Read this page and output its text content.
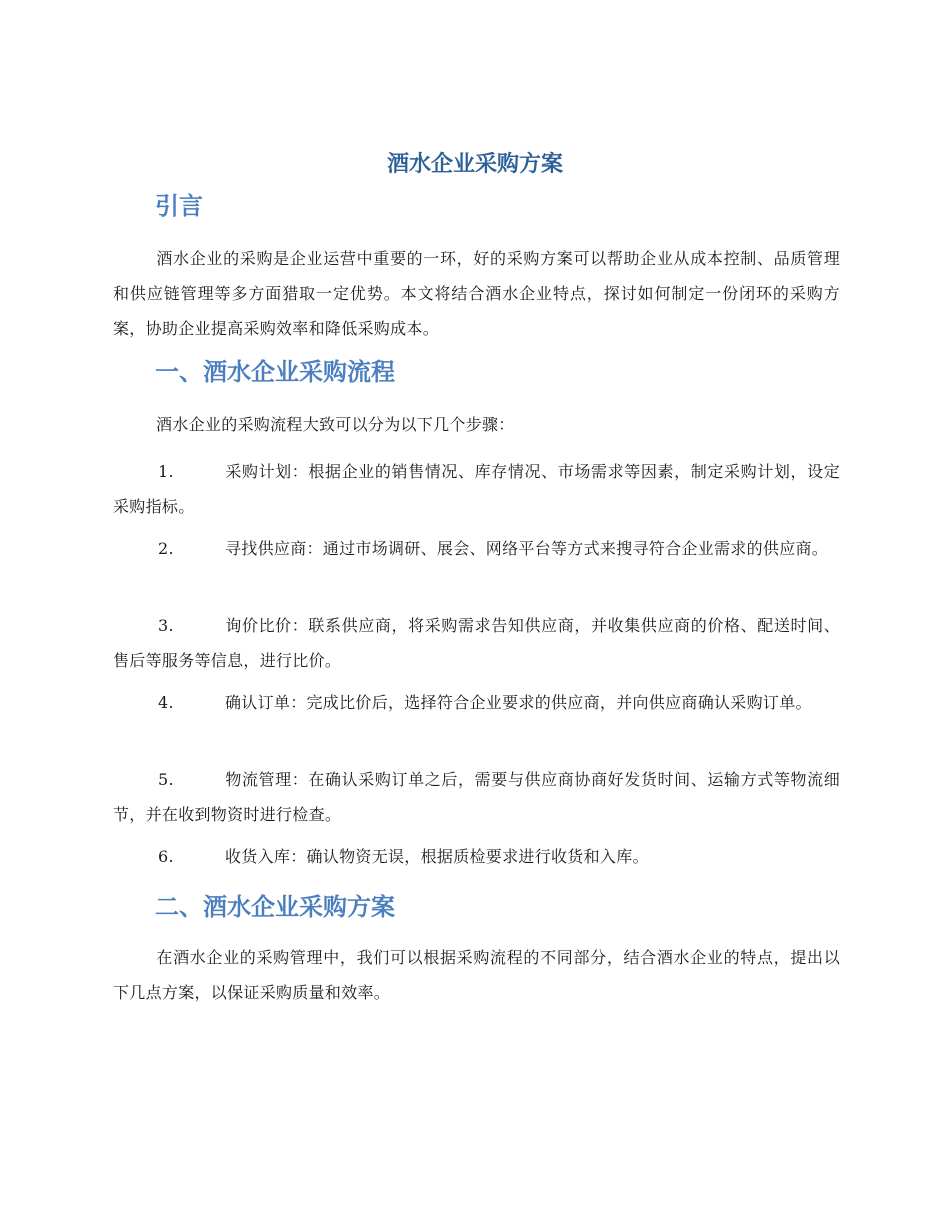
酒水企业采购方案
引言
酒水企业的采购是企业运营中重要的一环，好的采购方案可以帮助企业从成本控制、品质管理和供应链管理等多方面猎取一定优势。本文将结合酒水企业特点，探讨如何制定一份闭环的采购方案，协助企业提高采购效率和降低采购成本。
一、酒水企业采购流程
酒水企业的采购流程大致可以分为以下几个步骤：
1.	采购计划：根据企业的销售情况、库存情况、市场需求等因素，制定采购计划，设定采购指标。
2.	寻找供应商：通过市场调研、展会、网络平台等方式来搜寻符合企业需求的供应商。
3.	询价比价：联系供应商，将采购需求告知供应商，并收集供应商的价格、配送时间、售后等服务等信息，进行比价。
4.	确认订单：完成比价后，选择符合企业要求的供应商，并向供应商确认采购订单。
5.	物流管理：在确认采购订单之后，需要与供应商协商好发货时间、运输方式等物流细节，并在收到物资时进行检查。
6.	收货入库：确认物资无误，根据质检要求进行收货和入库。
二、酒水企业采购方案
在酒水企业的采购管理中，我们可以根据采购流程的不同部分，结合酒水企业的特点，提出以下几点方案，以保证采购质量和效率。
